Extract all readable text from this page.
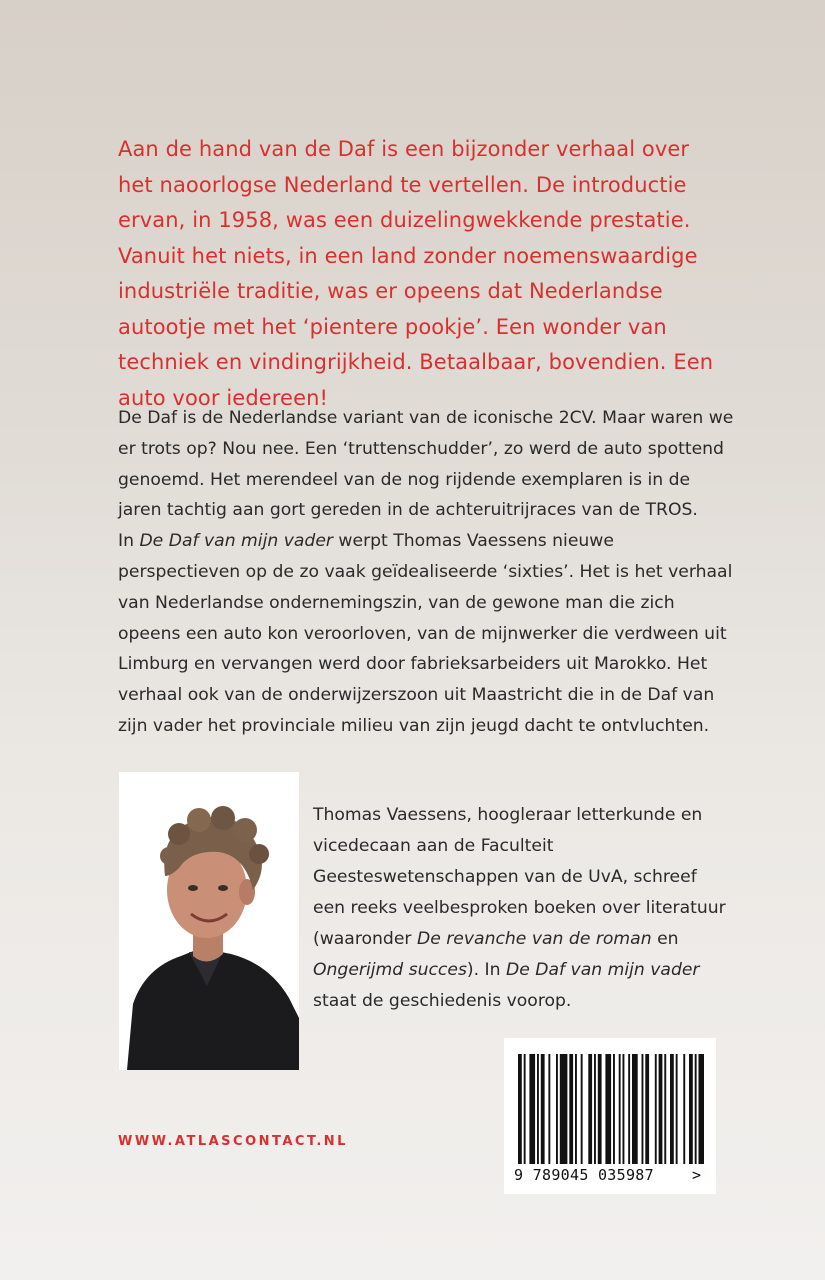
Aan de hand van de Daf is een bijzonder verhaal over het naoorlogse Nederland te vertellen. De introductie ervan, in 1958, was een duizelingwekkende prestatie. Vanuit het niets, in een land zonder noemenswaardige industriële traditie, was er opeens dat Nederlandse autootje met het ‘pientere pookje’. Een wonder van techniek en vindingrijkheid. Betaalbaar, bovendien. Een auto voor iedereen!

De Daf is de Nederlandse variant van de iconische 2CV. Maar waren we er trots op? Nou nee. Een ‘truttenschudder’, zo werd de auto spottend genoemd. Het merendeel van de nog rijdende exemplaren is in de jaren tachtig aan gort gereden in de achteruitrijraces van de TROS.

In De Daf van mijn vader werpt Thomas Vaessens nieuwe perspectieven op de zo vaak geïdealiseerde ‘sixties’. Het is het verhaal van Nederlandse ondernemingszin, van de gewone man die zich opeens een auto kon veroorloven, van de mijnwerker die verdween uit Limburg en vervangen werd door fabrieksarbeiders uit Marokko. Het verhaal ook van de onderwijzerszoon uit Maastricht die in de Daf van zijn vader het provinciale milieu van zijn jeugd dacht te ontvluchten.

Thomas Vaessens, hoogleraar letterkunde en vicedecaan aan de Faculteit Geesteswetenschappen van de UvA, schreef een reeks veelbesproken boeken over literatuur (waaronder De revanche van de roman en Ongerijmd succes). In De Daf van mijn vader staat de geschiedenis voorop.

WWW.ATLASCONTACT.NL
9 789045 035987	>
